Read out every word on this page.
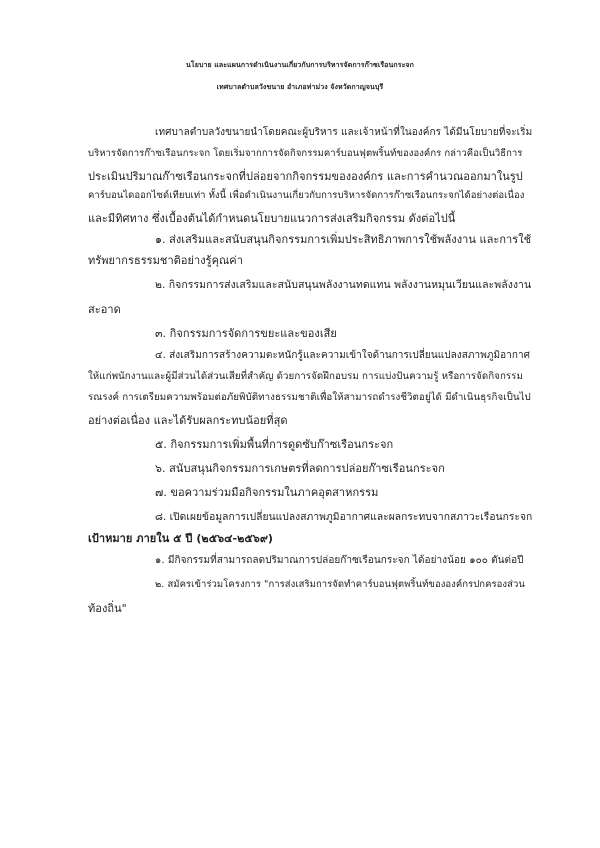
นโยบาย และแผนการดำเนินงานเกี่ยวกับการบริหารจัดการก๊าซเรือนกระจก
เทศบาลตำบลวังขนาย อำเภอท่าม่วง จังหวัดกาญจนบุรี
เทศบาลตำบลวังขนายนำโดยคณะผู้บริหาร และเจ้าหน้าที่ในองค์กร ได้มีนโยบายที่จะเริ่ม
บริหารจัดการก๊าซเรือนกระจก โดยเริ่มจากการจัดกิจกรรมคาร์บอนฟุตพริ้นท์ขององค์กร กล่าวคือเป็นวิธีการ
ประเมินปริมาณก๊าซเรือนกระจกที่ปล่อยจากกิจกรรมขององค์กร และการคำนวณออกมาในรูป
คาร์บอนไดออกไซด์เทียบเท่า ทั้งนี้ เพื่อดำเนินงานเกี่ยวกับการบริหารจัดการก๊าซเรือนกระจกได้อย่างต่อเนื่อง
และมีทิศทาง ซึ่งเบื้องต้นได้กำหนดนโยบายแนวการส่งเสริมกิจกรรม ดังต่อไปนี้
๑. ส่งเสริมและสนับสนุนกิจกรรมการเพิ่มประสิทธิภาพการใช้พลังงาน และการใช้
ทรัพยากรธรรมชาติอย่างรู้คุณค่า
๒. กิจกรรมการส่งเสริมและสนับสนุนพลังงานทดแทน พลังงานหมุนเวียนและพลังงาน
สะอาด
๓. กิจกรรมการจัดการขยะและของเสีย
๔. ส่งเสริมการสร้างความตะหนักรู้และความเข้าใจด้านการเปลี่ยนแปลงสภาพภูมิอากาศ
ให้แก่พนักงานและผู้มีส่วนได้ส่วนเสียที่สำคัญ ด้วยการจัดฝึกอบรม การแบ่งปันความรู้ หรือการจัดกิจกรรม
รณรงค์ การเตรียมความพร้อมต่อภัยพิบัติทางธรรมชาติเพื่อให้สามารถดำรงชีวิตอยู่ได้ มีดำเนินธุรกิจเป็นไป
อย่างต่อเนื่อง และได้รับผลกระทบน้อยที่สุด
๕. กิจกรรมการเพิ่มพื้นที่การดูดซับก๊าซเรือนกระจก
๖. สนับสนุนกิจกรรมการเกษตรที่ลดการปล่อยก๊าซเรือนกระจก
๗. ขอความร่วมมือกิจกรรมในภาคอุตสาหกรรม
๘. เปิดเผยข้อมูลการเปลี่ยนแปลงสภาพภูมิอากาศและผลกระทบจากสภาวะเรือนกระจก
เป้าหมาย ภายใน ๕ ปี (๒๕๖๔-๒๕๖๙)
๑. มีกิจกรรมที่สามารถลดปริมาณการปล่อยก๊าซเรือนกระจก ได้อย่างน้อย ๑๐๐ ตันต่อปี
๒. สมัครเข้าร่วมโครงการ "การส่งเสริมการจัดทำคาร์บอนฟุตพริ้นท์ขององค์กรปกครองส่วน
ท้องถิ่น"
